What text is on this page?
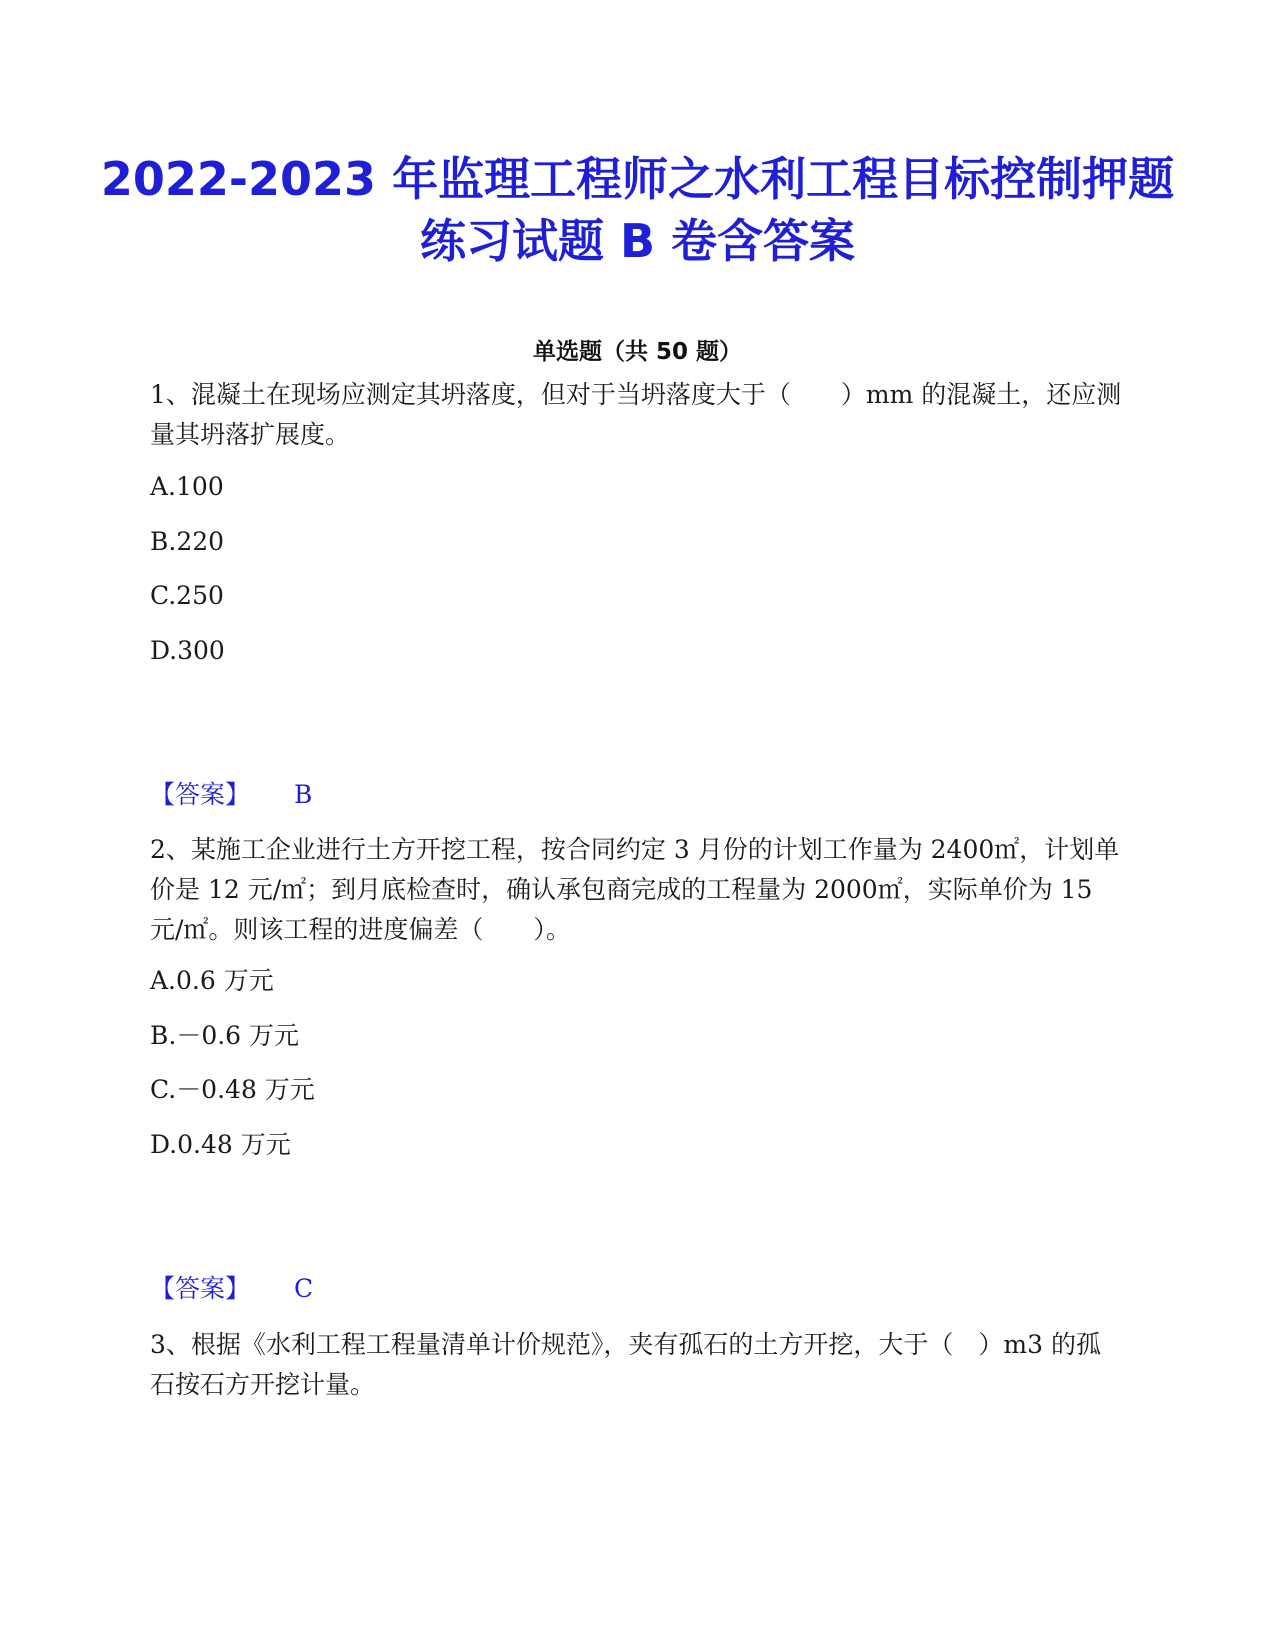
2022-2023 年监理工程师之水利工程目标控制押题练习试题 B 卷含答案
单选题（共 50 题）
1、混凝土在现场应测定其坍落度，但对于当坍落度大于（　　）mm 的混凝土，还应测量其坍落扩展度。
A.100
B.220
C.250
D.300
【答案】 B
2、某施工企业进行土方开挖工程，按合同约定 3 月份的计划工作量为 2400㎡，计划单价是 12 元/㎡；到月底检查时，确认承包商完成的工程量为 2000㎡，实际单价为 15 元/㎡。则该工程的进度偏差（　　）。
A.0.6 万元
B.－0.6 万元
C.－0.48 万元
D.0.48 万元
【答案】 C
3、根据《水利工程工程量清单计价规范》，夹有孤石的土方开挖，大于（　）m3 的孤石按石方开挖计量。
